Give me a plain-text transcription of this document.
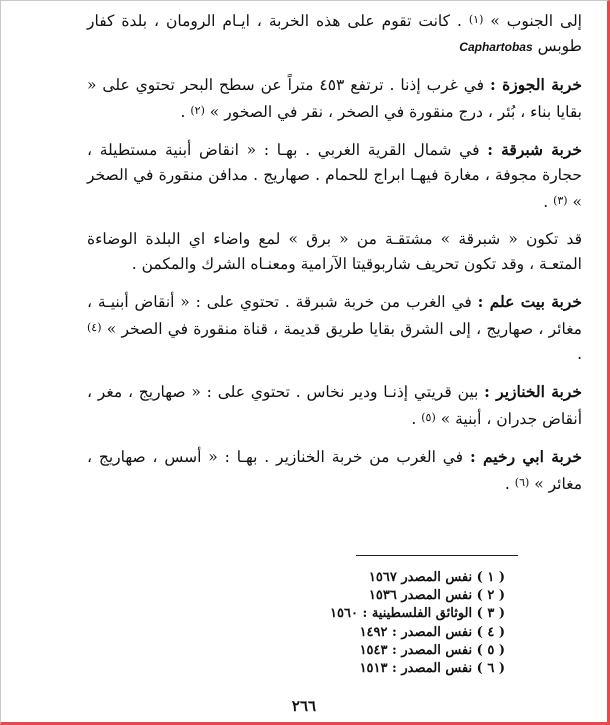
إلى الجنوب » (١) . كانت تقوم على هذه الخربة ، ايـام الرومان ، بلدة كفار طوبس Caphartobas

خربة الجوزة : في غرب إذنا . ترتفع ٤٥٣ متراً عن سطح البحر تحتوي على « بقايا بناء ، بُئر ، درج منقورة في الصخر ، نقر في الصخور » (٢) .

خربة شبرقة : في شمال القرية الغربي . بهـا : « انقاض أبنية مستطيلة ، حجارة مجوفة ، مغارة فيهـا ابراج للحمام . صهاريج . مدافن منقورة في الصخر » (٣) .

قد تكون « شبرقة » مشتقـة من « برق » لمع واضاء اي البلدة الوضاءة المتعـة ، وقد تكون تحريف شاربوقيتا الآرامية ومعنـاه الشرك والمكمن .

خربة بيت علم : في الغرب من خربة شبرقة . تحتوي على : « أنقاض أبنيـة ، مغائر ، صهاريج ، إلى الشرق بقايا طريق قديمة ، قناة منقورة في الصخر » (٤) .

خربة الخنازير : بين قريتي إذنـا ودير نخاس . تحتوي على : « صهاريج ، مغر ، أنقاض جدران ، أبنية » (٥) .

خربة ابي رخيم : في الغرب من خربة الخنازير . بهـا : « أسس ، صهاريج ، مغائر » (٦) .

( ١ ) نفس المصدر ١٥٦٧
( ٢ ) نفس المصدر ١٥٣٦
( ٣ ) الوثائق الفلسطينية : ١٥٦٠
( ٤ ) نفس المصدر : ١٤٩٢
( ٥ ) نفس المصدر : ١٥٤٣
( ٦ ) نفس المصدر : ١٥١٣
٢٦٦
